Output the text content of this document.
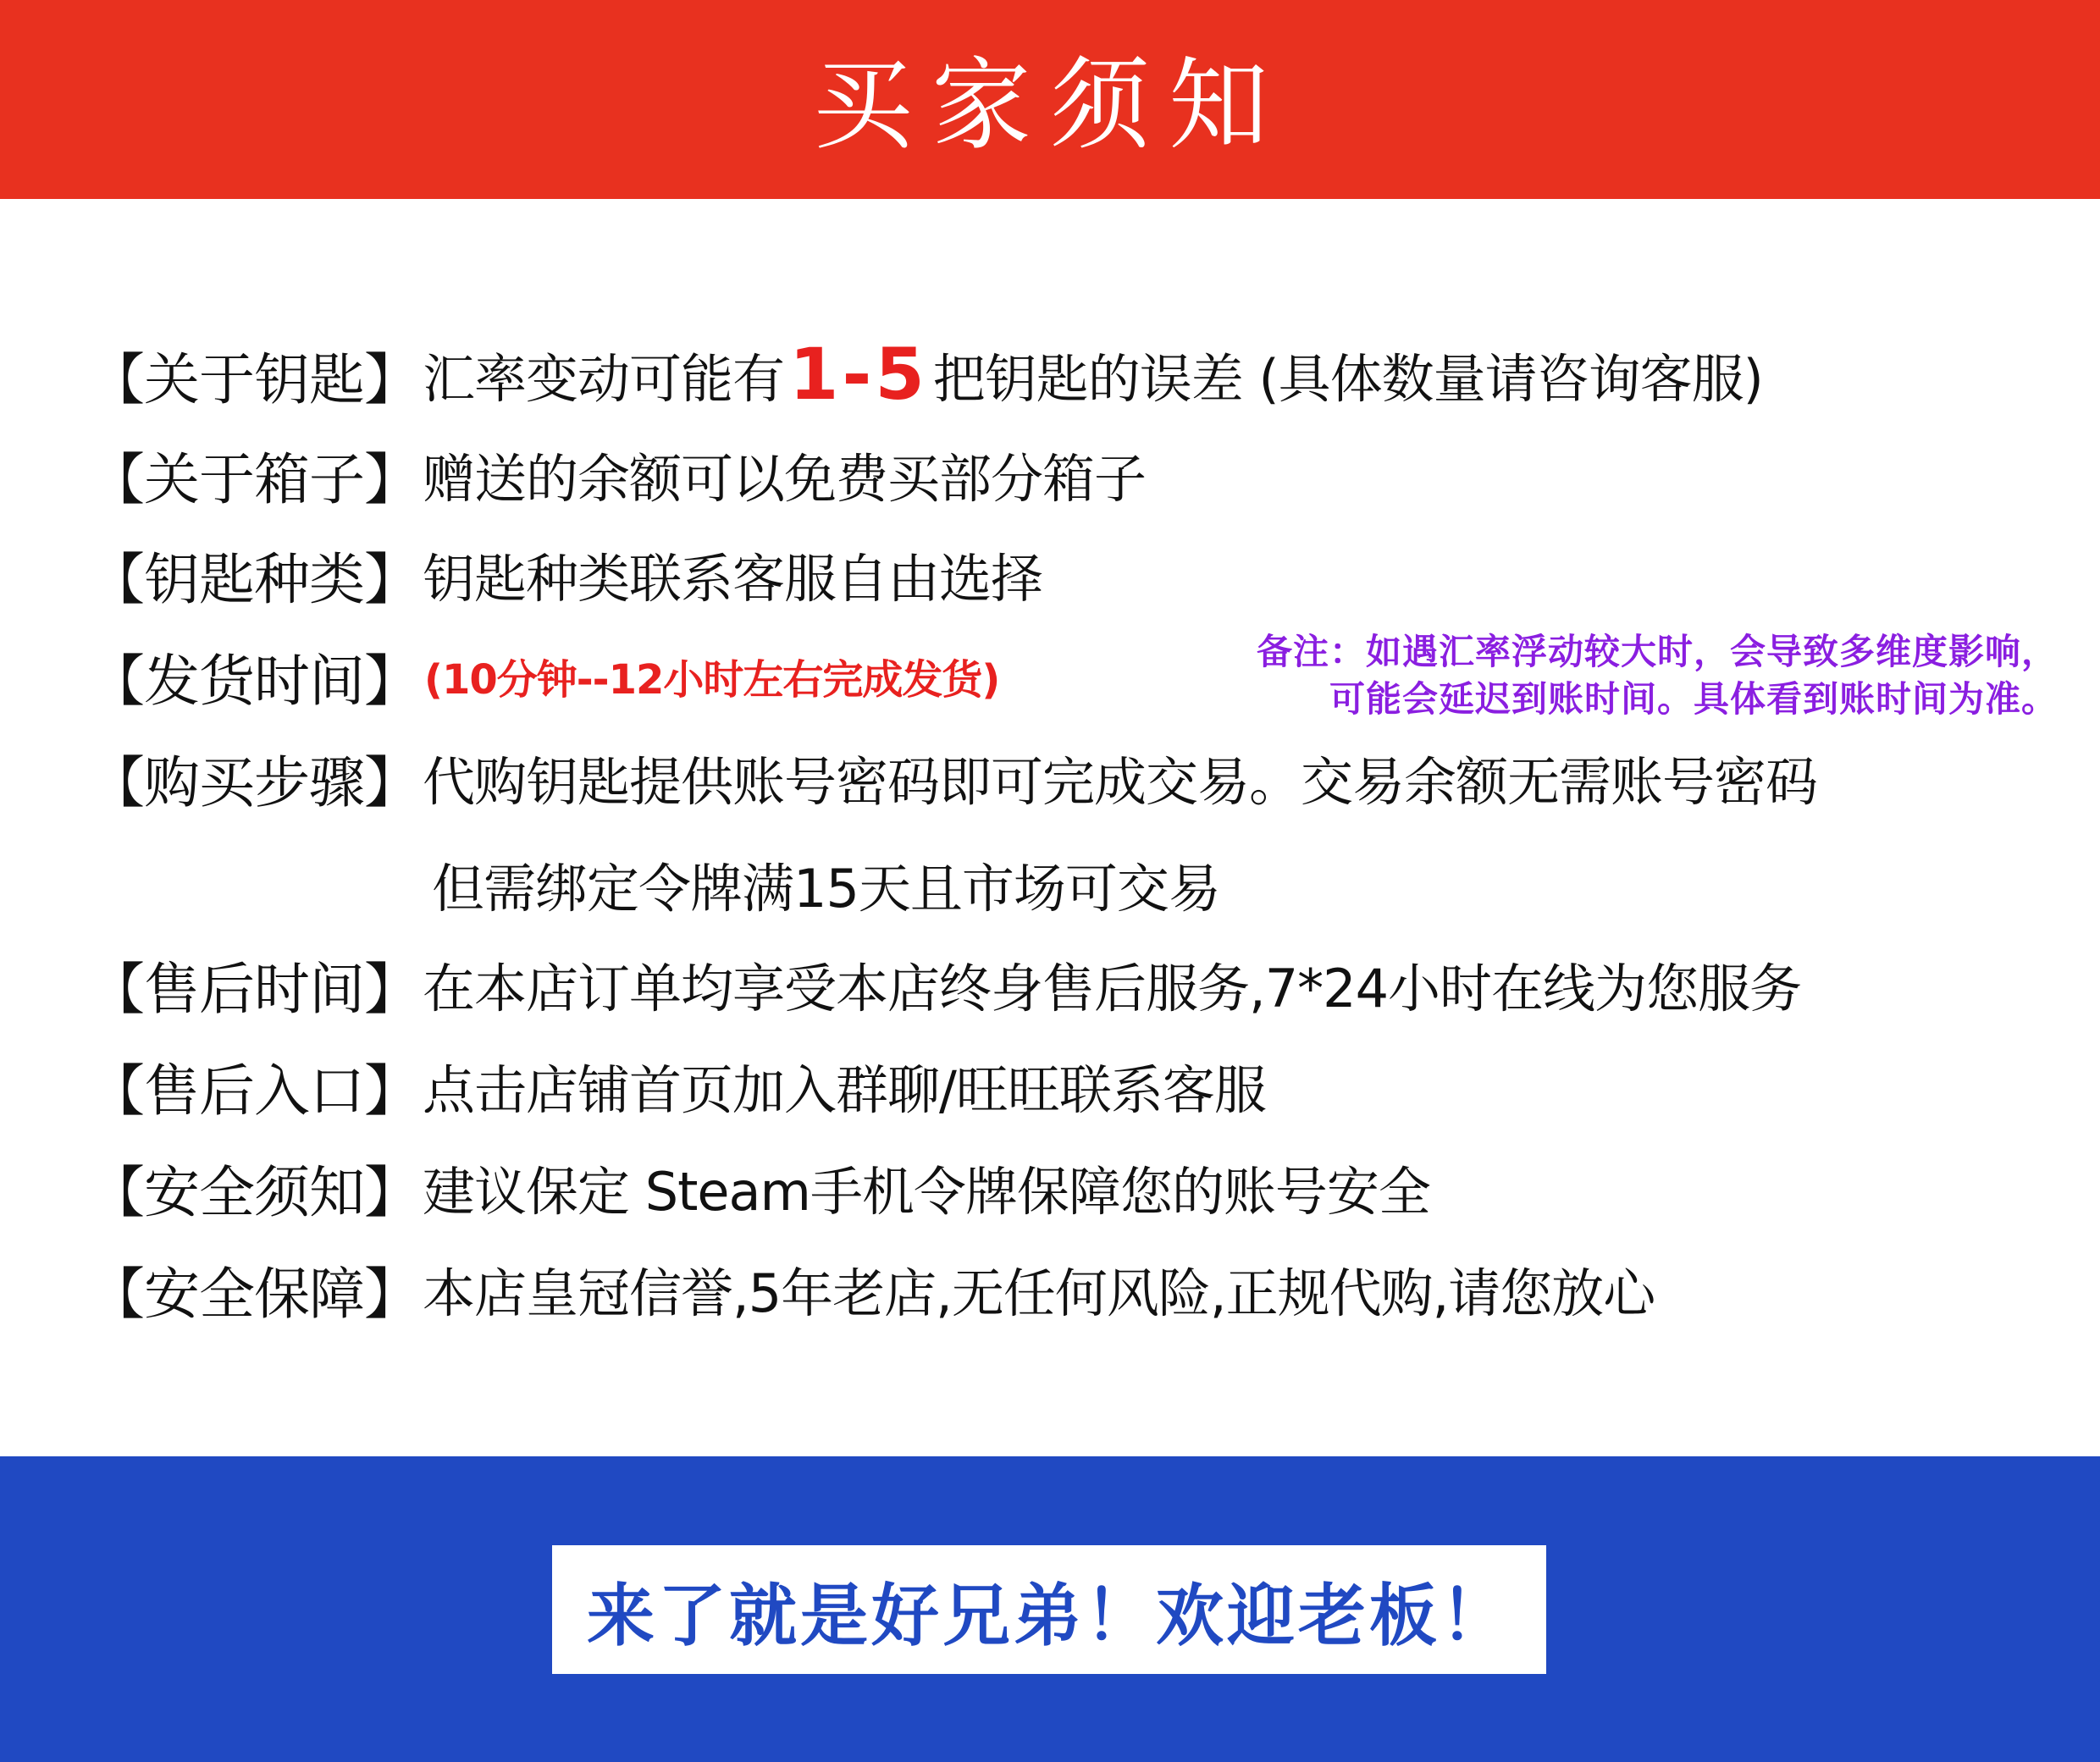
买家须知
【关于钥匙】 汇率变动可能有 1-5 把钥匙的误差 (具体数量请咨询客服)
【关于箱子】 赠送的余额可以免费买部分箱子
【钥匙种类】 钥匙种类联系客服自由选择
【发货时间】 (10分钟--12小时左右完成发货)
备注：如遇汇率浮动较大时，会导致多维度影响，
可能会延迟到账时间。具体看到账时间为准。
【购买步骤】 代购钥匙提供账号密码即可完成交易。交易余额无需账号密码
但需绑定令牌满15天且市场可交易
【售后时间】 在本店订单均享受本店终身售后服务,7*24小时在线为您服务
【售后入口】 点击店铺首页加入群聊/旺旺联系客服
【安全须知】 建议保定 Steam手机令牌保障您的账号安全
【安全保障】 本店皇冠信誉,5年老店,无任何风险,正规代购,请您放心
来了就是好兄弟！欢迎老板！
